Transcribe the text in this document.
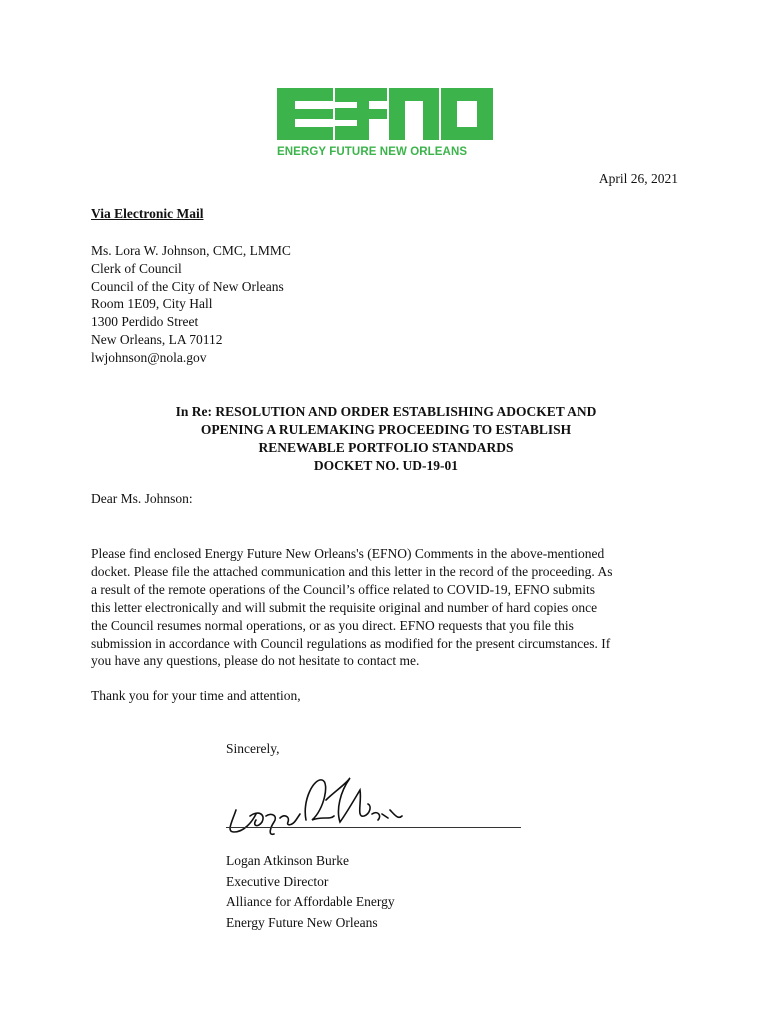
ENERGY FUTURE NEW ORLEANS
April 26, 2021
Via Electronic Mail
Ms. Lora W. Johnson, CMC, LMMC
Clerk of Council
Council of the City of New Orleans
Room 1E09, City Hall
1300 Perdido Street
New Orleans, LA 70112
lwjohnson@nola.gov
In Re: RESOLUTION AND ORDER ESTABLISHING ADOCKET AND
OPENING A RULEMAKING PROCEEDING TO ESTABLISH
RENEWABLE PORTFOLIO STANDARDS
DOCKET NO. UD-19-01
Dear Ms. Johnson:
Please find enclosed Energy Future New Orleans's (EFNO) Comments in the above-mentioned
docket. Please file the attached communication and this letter in the record of the proceeding. As
a result of the remote operations of the Council’s office related to COVID-19, EFNO submits
this letter electronically and will submit the requisite original and number of hard copies once
the Council resumes normal operations, or as you direct. EFNO requests that you file this
submission in accordance with Council regulations as modified for the present circumstances. If
you have any questions, please do not hesitate to contact me.
Thank you for your time and attention,
Sincerely,
Logan Atkinson Burke
Executive Director
Alliance for Affordable Energy
Energy Future New Orleans
